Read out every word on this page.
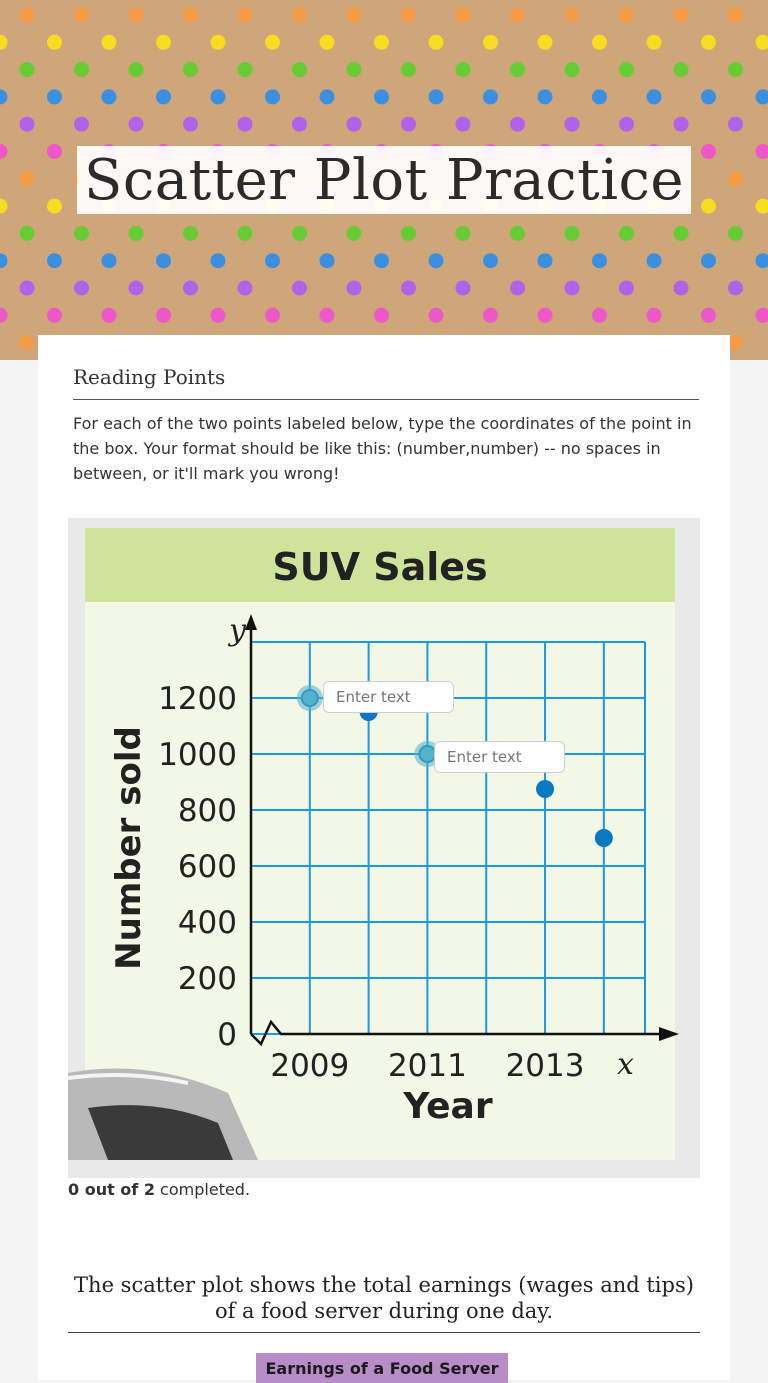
Scatter Plot Practice
Reading Points
For each of the two points labeled below, type the coordinates of the point in the box. Your format should be like this: (number,number) -- no spaces in between, or it'll mark you wrong!
SUV Sales
y
x
0
200
400
600
800
1000
1200
2009 2011 2013
Year
Number sold
Enter text
Enter text
0 out of 2 completed.
The scatter plot shows the total earnings (wages and tips) of a food server during one day.
Earnings of a Food Server
